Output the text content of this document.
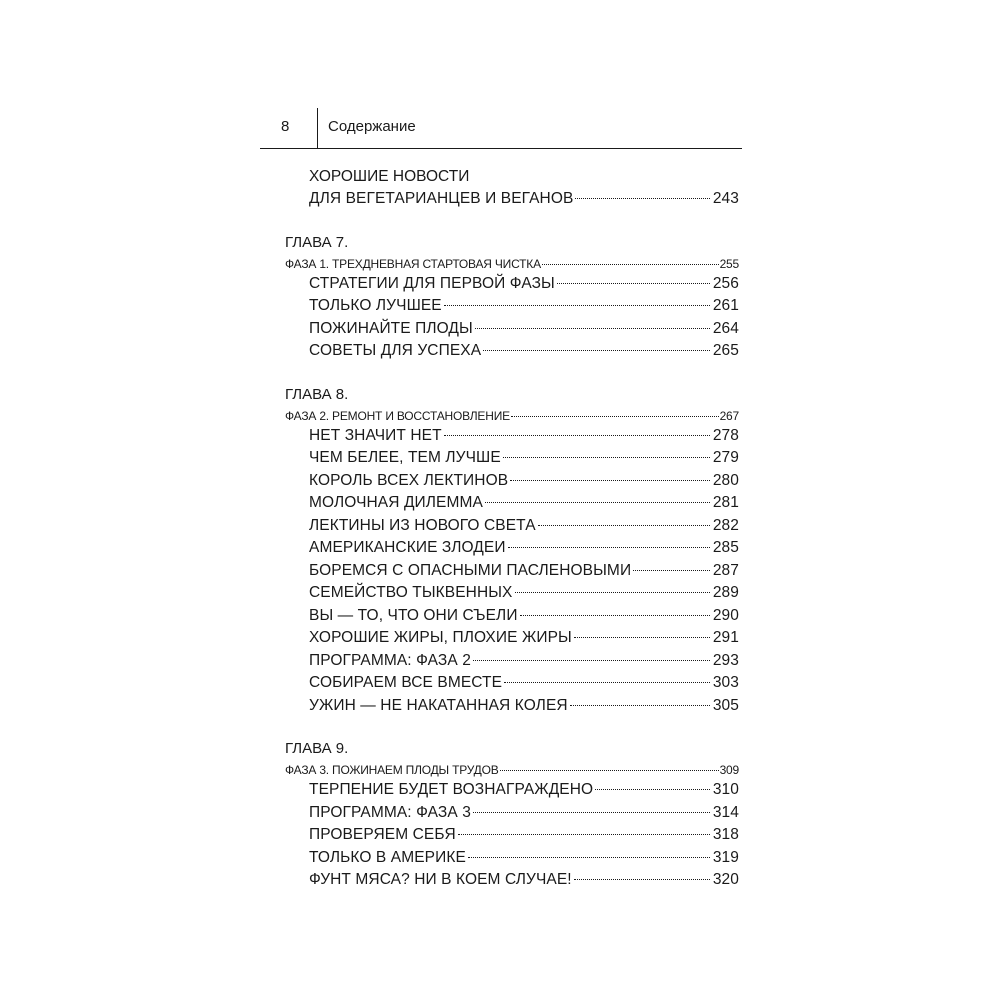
8	Содержание
ХОРОШИЕ НОВОСТИ
ДЛЯ ВЕГЕТАРИАНЦЕВ И ВЕГАНОВ	243
ГЛАВА 7.
ФАЗА 1. ТРЕХДНЕВНАЯ СТАРТОВАЯ ЧИСТКА	255
СТРАТЕГИИ ДЛЯ ПЕРВОЙ ФАЗЫ	256
ТОЛЬКО ЛУЧШЕЕ	261
ПОЖИНАЙТЕ ПЛОДЫ	264
СОВЕТЫ ДЛЯ УСПЕХА	265
ГЛАВА 8.
ФАЗА 2. РЕМОНТ И ВОССТАНОВЛЕНИЕ	267
НЕТ ЗНАЧИТ НЕТ	278
ЧЕМ БЕЛЕЕ, ТЕМ ЛУЧШЕ	279
КОРОЛЬ ВСЕХ ЛЕКТИНОВ	280
МОЛОЧНАЯ ДИЛЕММА	281
ЛЕКТИНЫ ИЗ НОВОГО СВЕТА	282
АМЕРИКАНСКИЕ ЗЛОДЕИ	285
БОРЕМСЯ С ОПАСНЫМИ ПАСЛЕНОВЫМИ	287
СЕМЕЙСТВО ТЫКВЕННЫХ	289
ВЫ — ТО, ЧТО ОНИ СЪЕЛИ	290
ХОРОШИЕ ЖИРЫ, ПЛОХИЕ ЖИРЫ	291
ПРОГРАММА: ФАЗА 2	293
СОБИРАЕМ ВСЕ ВМЕСТЕ	303
УЖИН — НЕ НАКАТАННАЯ КОЛЕЯ	305
ГЛАВА 9.
ФАЗА 3. ПОЖИНАЕМ ПЛОДЫ ТРУДОВ	309
ТЕРПЕНИЕ БУДЕТ ВОЗНАГРАЖДЕНО	310
ПРОГРАММА: ФАЗА 3	314
ПРОВЕРЯЕМ СЕБЯ	318
ТОЛЬКО В АМЕРИКЕ	319
ФУНТ МЯСА? НИ В КОЕМ СЛУЧАЕ!	320
